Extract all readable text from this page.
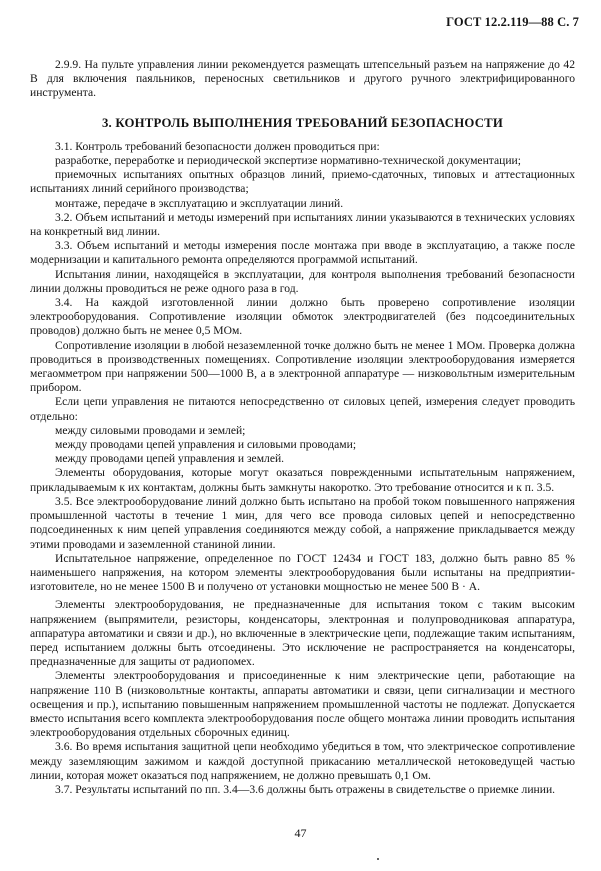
ГОСТ 12.2.119—88 С. 7

2.9.9. На пульте управления линии рекомендуется размещать штепсельный разъем на напряжение до 42 В для включения паяльников, переносных светильников и другого ручного электрифицированного инструмента.

3. КОНТРОЛЬ ВЫПОЛНЕНИЯ ТРЕБОВАНИЙ БЕЗОПАСНОСТИ

3.1. Контроль требований безопасности должен проводиться при:

разработке, переработке и периодической экспертизе нормативно-технической документации;

приемочных испытаниях опытных образцов линий, приемо-сдаточных, типовых и аттестационных испытаниях линий серийного производства;

монтаже, передаче в эксплуатацию и эксплуатации линий.

3.2. Объем испытаний и методы измерений при испытаниях линии указываются в технических условиях на конкретный вид линии.

3.3. Объем испытаний и методы измерения после монтажа при вводе в эксплуатацию, а также после модернизации и капитального ремонта определяются программой испытаний.

Испытания линии, находящейся в эксплуатации, для контроля выполнения требований безопасности линии должны проводиться не реже одного раза в год.

3.4. На каждой изготовленной линии должно быть проверено сопротивление изоляции электрооборудования. Сопротивление изоляции обмоток электродвигателей (без подсоединительных проводов) должно быть не менее 0,5 МОм.

Сопротивление изоляции в любой незаземленной точке должно быть не менее 1 МОм. Проверка должна проводиться в производственных помещениях. Сопротивление изоляции электрооборудования измеряется мегаомметром при напряжении 500—1000 В, а в электронной аппаратуре — низковольтным измерительным прибором.

Если цепи управления не питаются непосредственно от силовых цепей, измерения следует проводить отдельно:

между силовыми проводами и землей;

между проводами цепей управления и силовыми проводами;

между проводами цепей управления и землей.

Элементы оборудования, которые могут оказаться поврежденными испытательным напряжением, прикладываемым к их контактам, должны быть замкнуты накоротко. Это требование относится и к п. 3.5.

3.5. Все электрооборудование линий должно быть испытано на пробой током повышенного напряжения промышленной частоты в течение 1 мин, для чего все провода силовых цепей и непосредственно подсоединенных к ним цепей управления соединяются между собой, а напряжение прикладывается между этими проводами и заземленной станиной линии.

Испытательное напряжение, определенное по ГОСТ 12434 и ГОСТ 183, должно быть равно 85 % наименьшего напряжения, на котором элементы электрооборудования были испытаны на предприятии-изготовителе, но не менее 1500 В и получено от установки мощностью не менее 500 В · А.

Элементы электрооборудования, не предназначенные для испытания током с таким высоким напряжением (выпрямители, резисторы, конденсаторы, электронная и полупроводниковая аппаратура, аппаратура автоматики и связи и др.), но включенные в электрические цепи, подлежащие таким испытаниям, перед испытанием должны быть отсоединены. Это исключение не распространяется на конденсаторы, предназначенные для защиты от радиопомех.

Элементы электрооборудования и присоединенные к ним электрические цепи, работающие на напряжение 110 В (низковольтные контакты, аппараты автоматики и связи, цепи сигнализации и местного освещения и пр.), испытанию повышенным напряжением промышленной частоты не подлежат. Допускается вместо испытания всего комплекта электрооборудования после общего монтажа линии проводить испытания электрооборудования отдельных сборочных единиц.

3.6. Во время испытания защитной цепи необходимо убедиться в том, что электрическое сопротивление между заземляющим зажимом и каждой доступной прикасанию металлической нетоковедущей частью линии, которая может оказаться под напряжением, не должно превышать 0,1 Ом.

3.7. Результаты испытаний по пп. 3.4—3.6 должны быть отражены в свидетельстве о приемке линии.

47
